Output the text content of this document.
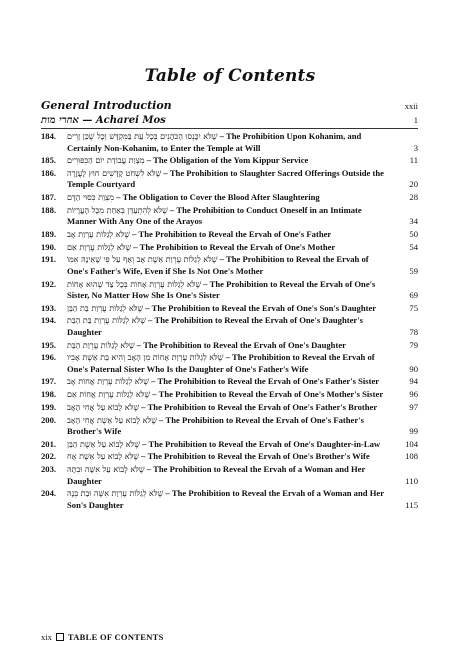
Table of Contents
General Introduction	xxii
אחרי מות — Acharei Mos	1
184.	שֶׁלֹּא יִכָּנְסוּ הַכֹּהֲנִים בְּכָל עֵת בַּמִּקְדָּשׁ וְכָל שֶׁכֵּן זָרִים – The Prohibition Upon Kohanim, and Certainly Non-Kohanim, to Enter the Temple at Will	3
185.	מִצְוַת עֲבוֹדַת יוֹם הַכִּפּוּרִים – The Obligation of the Yom Kippur Service	11
186.	שֶׁלֹּא לִשְׁחֹט קָדָשִׁים חוּץ לָעֲזָרָה – The Prohibition to Slaughter Sacred Offerings Outside the Temple Courtyard	20
187.	מִצְוַת כִּסּוּי הַדָּם – The Obligation to Cover the Blood After Slaughtering	28
188.	שֶׁלֹּא לְהִתְעַדֵּן בְּאַחַת מִכָּל הָעֲרָיוֹת – The Prohibition to Conduct Oneself in an Intimate Manner With Any One of the Arayos	34
189.	שֶׁלֹּא לְגַלּוֹת עֶרְוַת אָב – The Prohibition to Reveal the Ervah of One's Father	50
190.	שֶׁלֹּא לְגַלּוֹת עֶרְוַת אֵם – The Prohibition to Reveal the Ervah of One's Mother	54
191.	שֶׁלֹּא לְגַלּוֹת עֶרְוַת אֵשֶׁת אָב וְאַף עַל פִּי שֶׁאֵינָהּ אִמּוֹ – The Prohibition to Reveal the Ervah of One's Father's Wife, Even if She Is Not One's Mother	59
192.	שֶׁלֹּא לְגַלּוֹת עֶרְוַת אָחוֹת בְּכָל צַד שֶׁהוּא אָחוֹת – The Prohibition to Reveal the Ervah of One's Sister, No Matter How She Is One's Sister	69
193.	שֶׁלֹּא לְגַלּוֹת עֶרְוַת בַּת הַבֵּן – The Prohibition to Reveal the Ervah of One's Son's Daughter	75
194.	שֶׁלֹּא לְגַלּוֹת עֶרְוַת בַּת הַבַּת – The Prohibition to Reveal the Ervah of One's Daughter's Daughter	78
195.	שֶׁלֹּא לְגַלּוֹת עֶרְוַת הַבַּת – The Prohibition to Reveal the Ervah of One's Daughter	79
196.	שֶׁלֹּא לְגַלּוֹת עֶרְוַת אָחוֹת מִן הָאָב וְהִיא בַּת אֵשֶׁת אָבִיו – The Prohibition to Reveal the Ervah of One's Paternal Sister Who Is the Daughter of One's Father's Wife	90
197.	שֶׁלֹּא לְגַלּוֹת עֶרְוַת אֲחוֹת אָב – The Prohibition to Reveal the Ervah of One's Father's Sister	94
198.	שֶׁלֹּא לְגַלּוֹת עֶרְוַת אֲחוֹת אֵם – The Prohibition to Reveal the Ervah of One's Mother's Sister	96
199.	שֶׁלֹּא לָבוֹא עַל אֲחִי הָאָב – The Prohibition to Reveal the Ervah of One's Father's Brother	97
200.	שֶׁלֹּא לָבוֹא עַל אֵשֶׁת אֲחִי הָאָב – The Prohibition to Reveal the Ervah of One's Father's Brother's Wife	99
201.	שֶׁלֹּא לָבוֹא עַל אֵשֶׁת הַבֵּן – The Prohibition to Reveal the Ervah of One's Daughter-in-Law	104
202.	שֶׁלֹּא לָבוֹא עַל אֵשֶׁת אָח – The Prohibition to Reveal the Ervah of One's Brother's Wife	108
203.	שֶׁלֹּא לָבוֹא עַל אִשָּׁה וּבִתָּהּ – The Prohibition to Reveal the Ervah of a Woman and Her Daughter	110
204.	שֶׁלֹּא לְגַלּוֹת עֶרְוַת אִשָּׁה וּבַת בְּנָהּ – The Prohibition to Reveal the Ervah of a Woman and Her Son's Daughter	115
xix TABLE OF CONTENTS
